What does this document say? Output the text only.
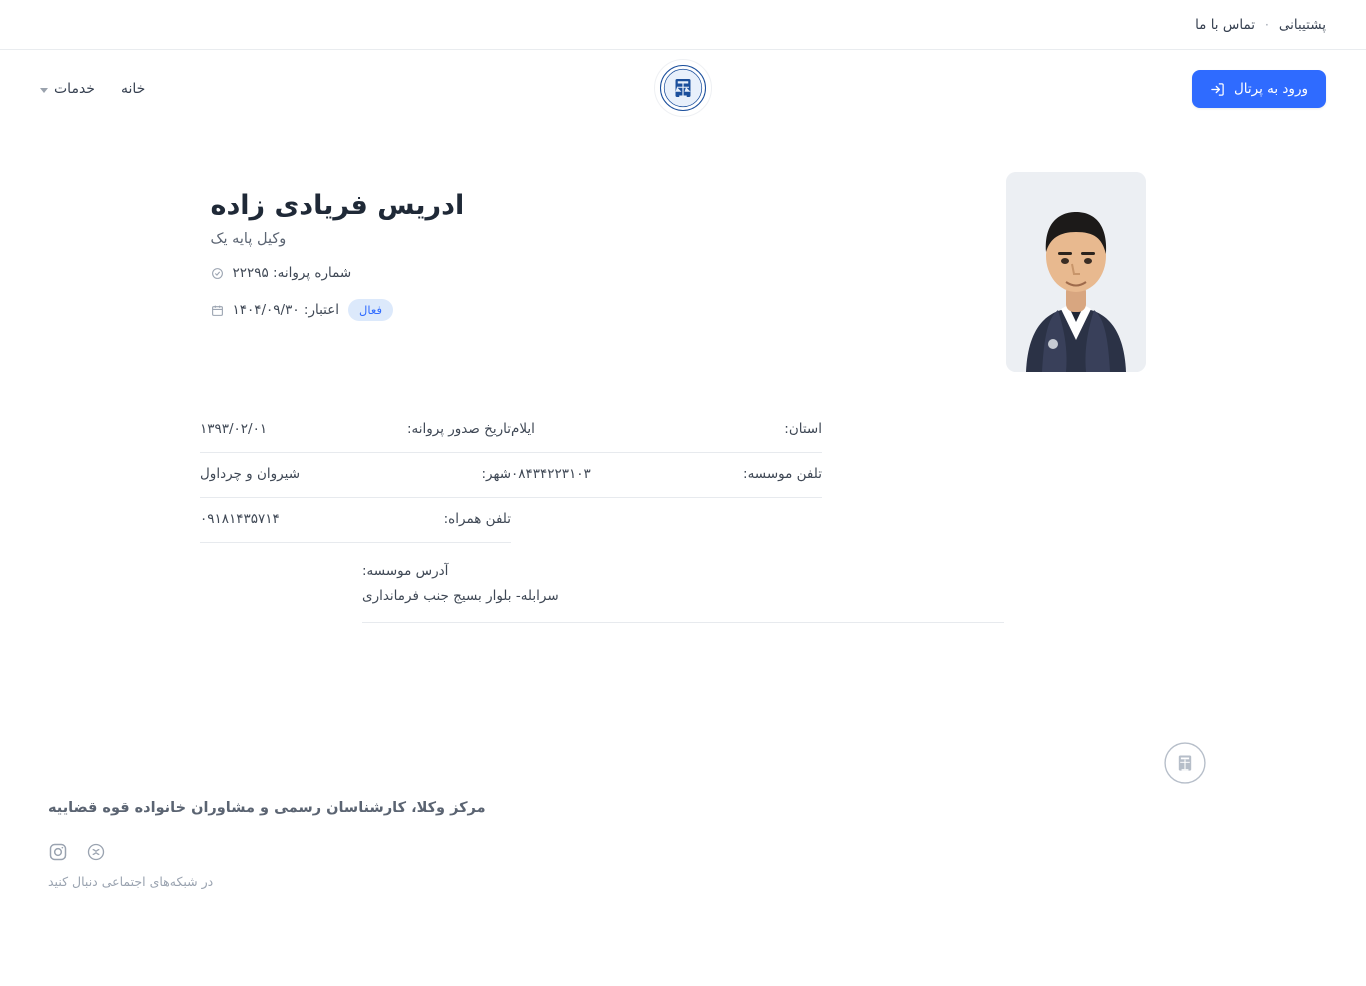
پشتیبانی
·
تماس با ما
ورود به پرتال
خانه
خدمات
ادریس فریادی زاده
وکیل پایه یک
شماره پروانه: ۲۲۲۹۵
اعتبار: ۱۴۰۴/۰۹/۳۰	فعال
تاریخ صدور پروانه:
۱۳۹۳/۰۲/۰۱
شهر:
شیروان و چرداول
تلفن همراه:
۰۹۱۸۱۴۳۵۷۱۴
استان:
ایلام
تلفن موسسه:
۰۸۴۳۴۲۲۳۱۰۳
آدرس موسسه:
سرابله- بلوار بسیج جنب فرمانداری
مرکز وکلا، کارشناسان رسمی و مشاوران خانواده قوه قضاییه
در شبکه‌های اجتماعی دنبال کنید
